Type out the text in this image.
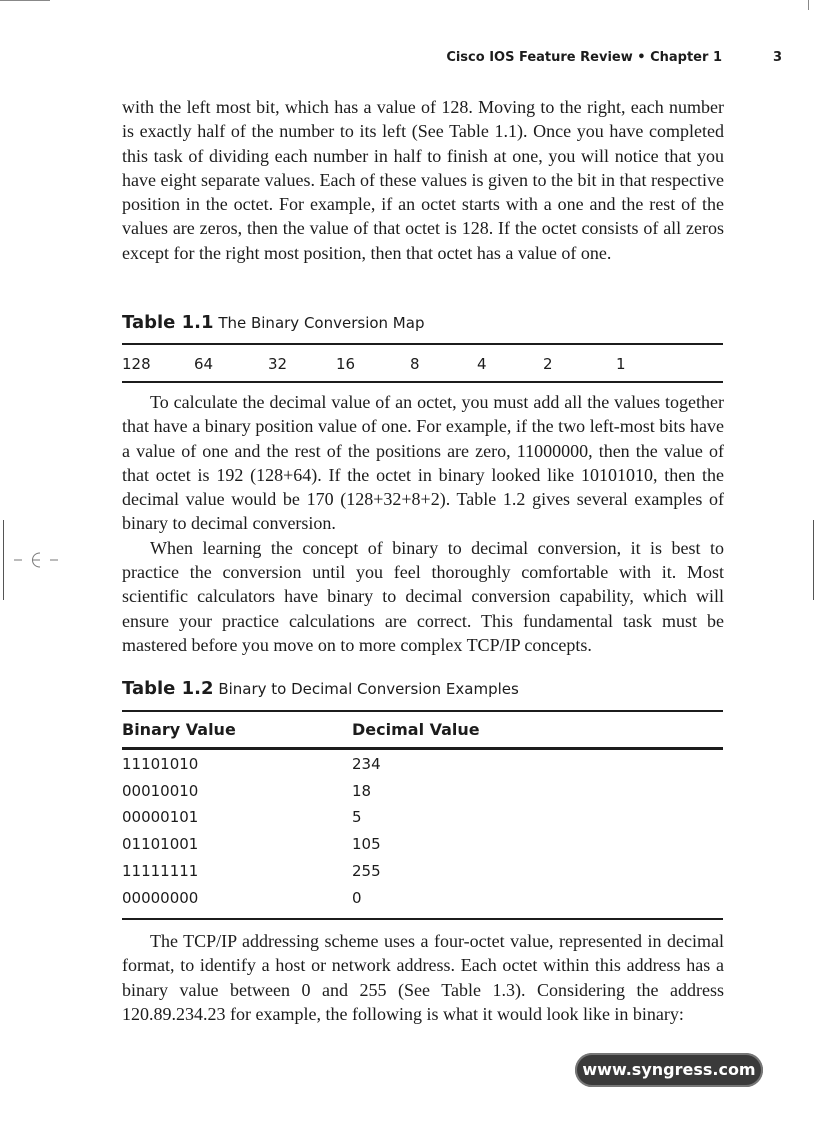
Cisco IOS Feature Review • Chapter 1	3

with the left most bit, which has a value of 128. Moving to the right, each number is exactly half of the number to its left (See Table 1.1). Once you have completed this task of dividing each number in half to finish at one, you will notice that you have eight separate values. Each of these values is given to the bit in that respective position in the octet. For example, if an octet starts with a one and the rest of the values are zeros, then the value of that octet is 128. If the octet consists of all zeros except for the right most position, then that octet has a value of one.

Table 1.1 The Binary Conversion Map
128	64	32	16	8	4	2	1

To calculate the decimal value of an octet, you must add all the values together that have a binary position value of one. For example, if the two left-most bits have a value of one and the rest of the positions are zero, 11000000, then the value of that octet is 192 (128+64). If the octet in binary looked like 10101010, then the decimal value would be 170 (128+32+8+2). Table 1.2 gives several examples of binary to decimal conversion.

When learning the concept of binary to decimal conversion, it is best to practice the conversion until you feel thoroughly comfortable with it. Most scientific calculators have binary to decimal conversion capability, which will ensure your practice calculations are correct. This fundamental task must be mastered before you move on to more complex TCP/IP concepts.

Table 1.2 Binary to Decimal Conversion Examples
Binary Value	Decimal Value
11101010	234
00010010	18
00000101	5
01101001	105
11111111	255
00000000	0

The TCP/IP addressing scheme uses a four-octet value, represented in decimal format, to identify a host or network address. Each octet within this address has a binary value between 0 and 255 (See Table 1.3). Considering the address 120.89.234.23 for example, the following is what it would look like in binary:

www.syngress.com
